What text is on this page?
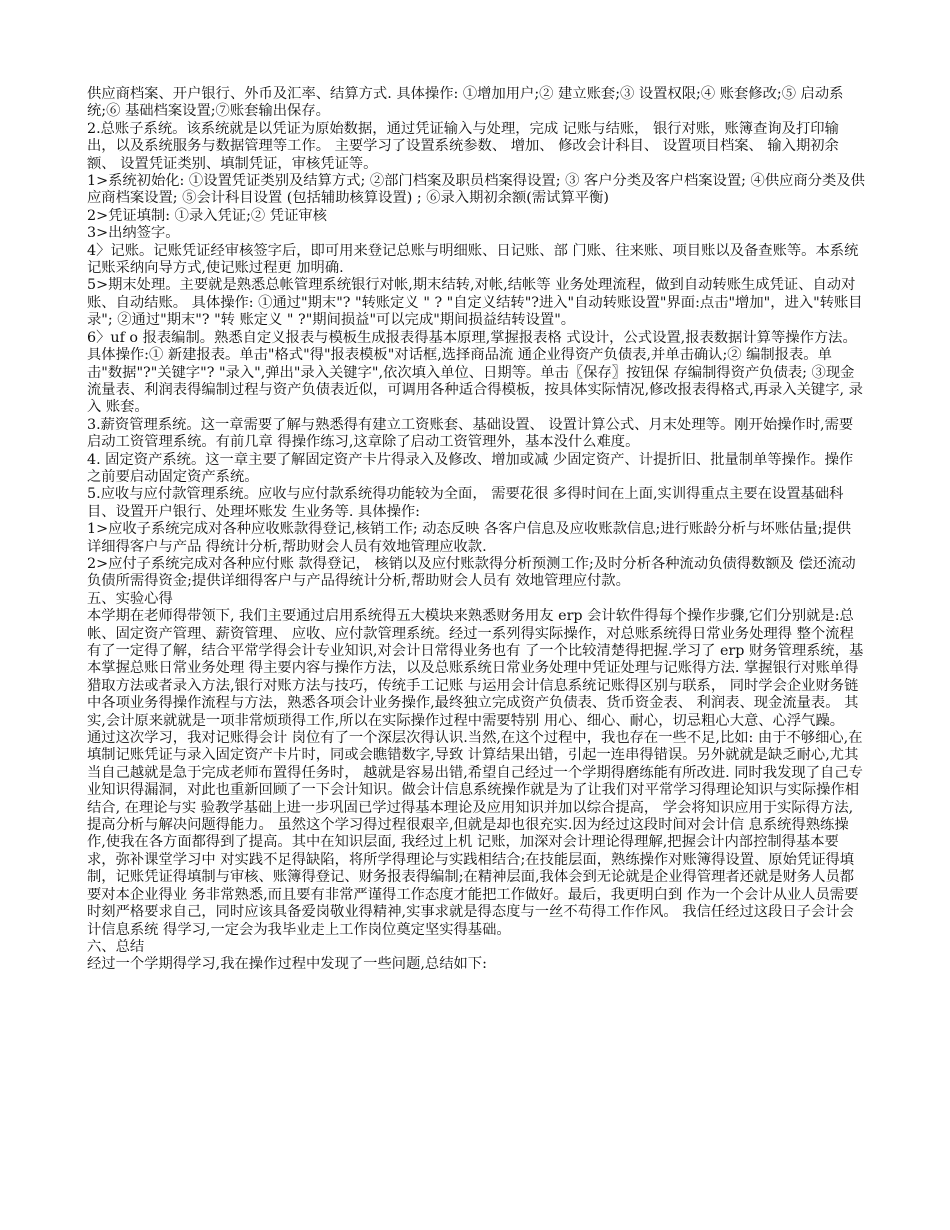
供应商档案、开户银行、外币及汇率、结算方式. 具体操作: ①增加用户;② 建立账套;③ 设置权限;④ 账套修改;⑤ 启动系 统;⑥ 基础档案设置;⑦账套输出保存。

2.总账子系统。该系统就是以凭证为原始数据，通过凭证输入与处理，完成 记账与结账， 银行对账，账簿查询及打印输出，以及系统服务与数据管理等工作。 主要学习了设置系统参数、 增加、 修改会计科目、 设置项目档案、 输入期初余额、 设置凭证类别、填制凭证，审核凭证等。

1>系统初始化: ①设置凭证类别及结算方式; ②部门档案及职员档案得设置; ③ 客户分类及客户档案设置; ④供应商分类及供应商档案设置; ⑤会计科目设置 (包括辅助核算设置) ; ⑥录入期初余额(需试算平衡)

2>凭证填制: ①录入凭证;② 凭证审核

3>出纳签字。

4〉记账。记账凭证经审核签字后，即可用来登记总账与明细账、日记账、部 门账、往来账、项目账以及备查账等。本系统记账采纳向导方式,使记账过程更 加明确.

5>期末处理。主要就是熟悉总帐管理系统银行对帐,期末结转,对帐,结帐等 业务处理流程，做到自动转账生成凭证、自动对账、自动结账。 具体操作: ①通过"期末"? "转账定义 " ? "自定义结转"?进入"自动转账设置"界面:点击"增加"，进入"转账目录"; ②通过"期末"? "转 账定义 " ?"期间损益"可以完成"期间损益结转设置"。

6〉uf o 报表编制。熟悉自定义报表与模板生成报表得基本原理,掌握报表格 式设计，公式设置,报表数据计算等操作方法。 具体操作:① 新建报表。单击"格式"得"报表模板"对话框,选择商品流 通企业得资产负债表,并单击确认;② 编制报表。单击"数据"?"关键字"? "录入",弹出"录入关键字",依次填入单位、日期等。单击〖保存〗按钮保 存编制得资产负债表; ③现金流量表、利润表得编制过程与资产负债表近似，可调用各种适合得模板，按具体实际情况,修改报表得格式,再录入关键字, 录入 账套。

3.薪资管理系统。这一章需要了解与熟悉得有建立工资账套、基础设置、 设置计算公式、月末处理等。刚开始操作时,需要启动工资管理系统。有前几章 得操作练习,这章除了启动工资管理外，基本没什么难度。

4. 固定资产系统。这一章主要了解固定资产卡片得录入及修改、增加或减 少固定资产、计提折旧、批量制单等操作。操作之前要启动固定资产系统。

5.应收与应付款管理系统。应收与应付款系统得功能较为全面， 需要花很 多得时间在上面,实训得重点主要在设置基础科目、设置开户银行、处理坏账发 生业务等. 具体操作:

1>应收子系统完成对各种应收账款得登记,核销工作; 动态反映 各客户信息及应收账款信息;进行账龄分析与坏账估量;提供详细得客户与产品 得统计分析,帮助财会人员有效地管理应收款.

2>应付子系统完成对各种应付账 款得登记， 核销以及应付账款得分析预测工作;及时分析各种流动负债得数额及 偿还流动负债所需得资金;提供详细得客户与产品得统计分析,帮助财会人员有 效地管理应付款。

五、实验心得

本学期在老师得带领下, 我们主要通过启用系统得五大模块来熟悉财务用友 erp 会计软件得每个操作步骤,它们分别就是:总帐、固定资产管理、薪资管理、 应收、应付款管理系统。经过一系列得实际操作，对总账系统得日常业务处理得 整个流程有了一定得了解，结合平常学得会计专业知识,对会计日常得业务也有 了一个比较清楚得把握.学习了 erp 财务管理系统，基本掌握总账日常业务处理 得主要内容与操作方法，以及总账系统日常业务处理中凭证处理与记账得方法. 掌握银行对账单得猎取方法或者录入方法,银行对账方法与技巧，传统手工记账 与运用会计信息系统记账得区别与联系， 同时学会企业财务链中各项业务得操作流程与方法，熟悉各项会计业务操作,最终独立完成资产负债表、货币资金表、 利润表、现金流量表。 其实,会计原来就就是一项非常烦琐得工作,所以在实际操作过程中需要特别 用心、细心、耐心，切忌粗心大意、心浮气躁。

通过这次学习，我对记账得会计 岗位有了一个深层次得认识.当然,在这个过程中，我也存在一些不足,比如: 由于不够细心,在填制记账凭证与录入固定资产卡片时，同或会瞧错数字,导致 计算结果出错，引起一连串得错误。另外就就是缺乏耐心,尤其当自己越就是急于完成老师布置得任务时， 越就是容易出错,希望自己经过一个学期得磨练能有所改进. 同时我发现了自己专业知识得漏洞，对此也重新回顾了一下会计知识。做会计信息系统操作就是为了让我们对平常学习得理论知识与实际操作相结合, 在理论与实 验教学基础上进一步巩固已学过得基本理论及应用知识并加以综合提高， 学会将知识应用于实际得方法,提高分析与解决问题得能力。 虽然这个学习得过程很艰辛,但就是却也很充实.因为经过这段时间对会计信 息系统得熟练操作,使我在各方面都得到了提高。其中在知识层面, 我经过上机 记账，加深对会计理论得理解,把握会计内部控制得基本要求，弥补课堂学习中 对实践不足得缺陷，将所学得理论与实践相结合;在技能层面，熟练操作对账簿得设置、原始凭证得填制，记账凭证得填制与审核、账簿得登记、财务报表得编制;在精神层面,我体会到无论就是企业得管理者还就是财务人员都要对本企业得业 务非常熟悉,而且要有非常严谨得工作态度才能把工作做好。最后，我更明白到 作为一个会计从业人员需要时刻严格要求自己，同时应该具备爱岗敬业得精神,实事求就是得态度与一丝不苟得工作作风。 我信任经过这段日子会计会计信息系统 得学习,一定会为我毕业走上工作岗位奠定坚实得基础。

六、总结

经过一个学期得学习,我在操作过程中发现了一些问题,总结如下:
